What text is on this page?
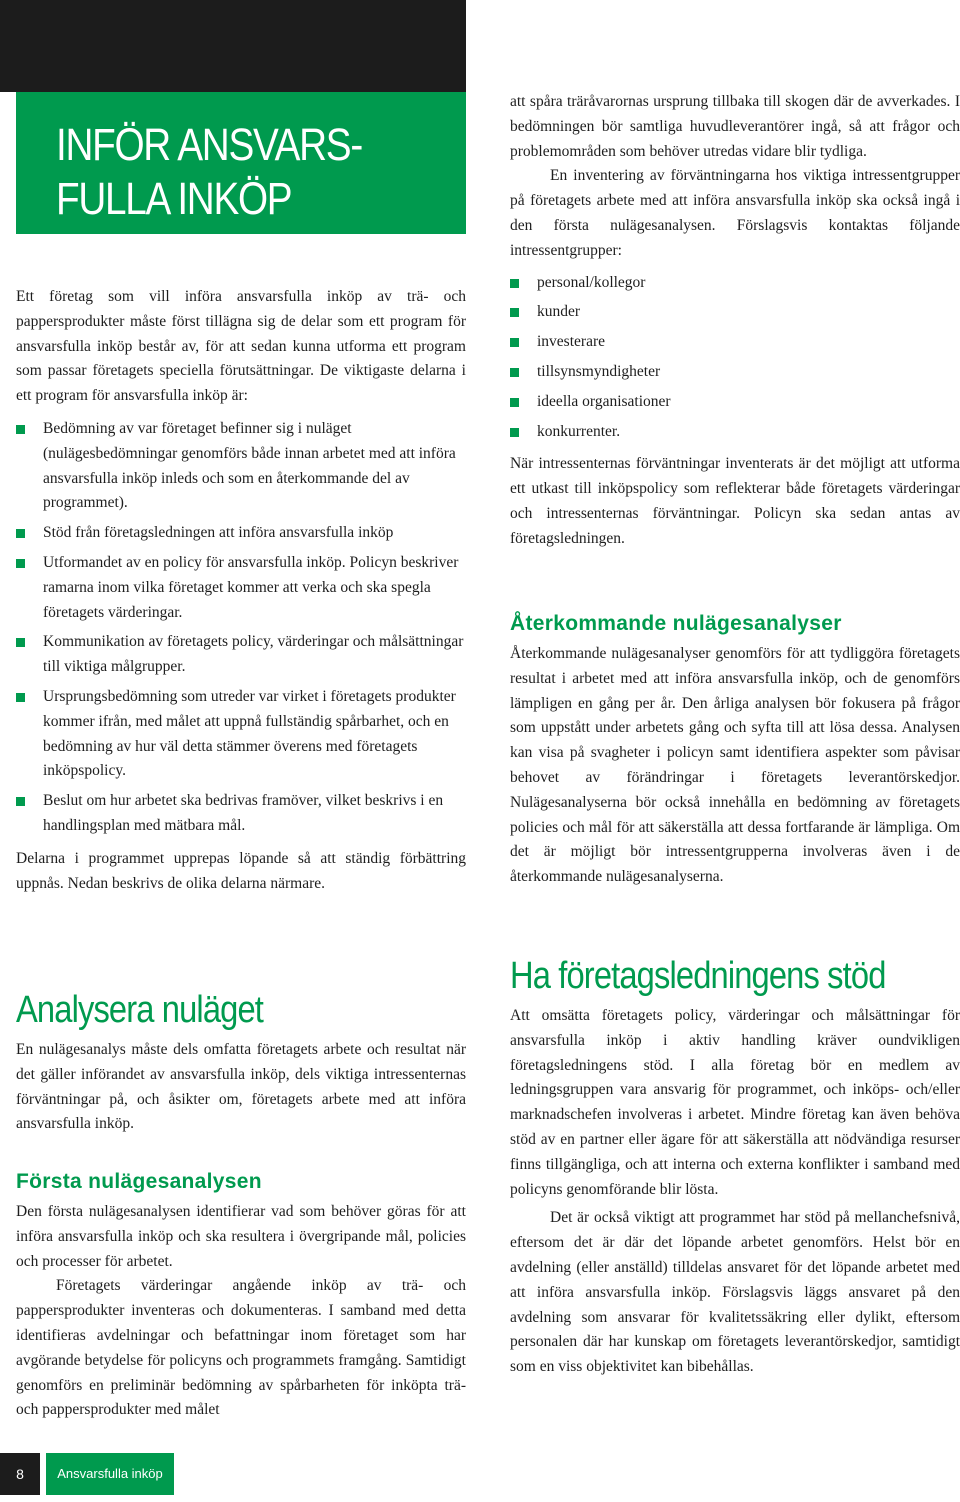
INFÖR ANSVARS-
FULLA INKÖP

Ett företag som vill införa ansvarsfulla inköp av trä- och pappersprodukter måste först tillägna sig de delar som ett program för ansvarsfulla inköp består av, för att sedan kunna utforma ett program som passar företagets speciella förutsättningar. De viktigaste delarna i ett program för ansvarsfulla inköp är:

Bedömning av var företaget befinner sig i nuläget (nulägesbedömningar genomförs både innan arbetet med att införa ansvarsfulla inköp inleds och som en återkommande del av programmet).
Stöd från företagsledningen att införa ansvarsfulla inköp
Utformandet av en policy för ansvarsfulla inköp. Policyn beskriver ramarna inom vilka företaget kommer att verka och ska spegla företagets värderingar.
Kommunikation av företagets policy, värderingar och målsättningar till viktiga målgrupper.
Ursprungsbedömning som utreder var virket i företagets produkter kommer ifrån, med målet att uppnå fullständig spårbarhet, och en bedömning av hur väl detta stämmer överens med företagets inköpspolicy.
Beslut om hur arbetet ska bedrivas framöver, vilket beskrivs i en handlingsplan med mätbara mål.

Delarna i programmet upprepas löpande så att ständig förbättring uppnås. Nedan beskrivs de olika delarna närmare.

Analysera nuläget

En nulägesanalys måste dels omfatta företagets arbete och resultat när det gäller införandet av ansvarsfulla inköp, dels viktiga intressenternas förväntningar på, och åsikter om, företagets arbete med att införa ansvarsfulla inköp.

Första nulägesanalysen

Den första nulägesanalysen identifierar vad som behöver göras för att införa ansvarsfulla inköp och ska resultera i övergripande mål, policies och processer för arbetet.

Företagets värderingar angående inköp av trä- och pappersprodukter inventeras och dokumenteras. I samband med detta identifieras avdelningar och befattningar inom företaget som har avgörande betydelse för policyns och programmets framgång. Samtidigt genomförs en preliminär bedömning av spårbarheten för inköpta trä- och pappersprodukter med målet

att spåra träråvarornas ursprung tillbaka till skogen där de avverkades. I bedömningen bör samtliga huvudleverantörer ingå, så att frågor och problemområden som behöver utredas vidare blir tydliga.

En inventering av förväntningarna hos viktiga intressentgrupper på företagets arbete med att införa ansvarsfulla inköp ska också ingå i den första nulägesanalysen. Förslagsvis kontaktas följande intressentgrupper:

personal/kollegor
kunder
investerare
tillsynsmyndigheter
ideella organisationer
konkurrenter.

När intressenternas förväntningar inventerats är det möjligt att utforma ett utkast till inköpspolicy som reflekterar både företagets värderingar och intressenternas förväntningar. Policyn ska sedan antas av företagsledningen.

Återkommande nulägesanalyser

Återkommande nulägesanalyser genomförs för att tydliggöra företagets resultat i arbetet med att införa ansvarsfulla inköp, och de genomförs lämpligen en gång per år. Den årliga analysen bör fokusera på frågor som uppstått under arbetets gång och syfta till att lösa dessa. Analysen kan visa på svagheter i policyn samt identifiera aspekter som påvisar behovet av förändringar i företagets leverantörskedjor. Nulägesanalyserna bör också innehålla en bedömning av företagets policies och mål för att säkerställa att dessa fortfarande är lämpliga. Om det är möjligt bör intressentgrupperna involveras även i de återkommande nulägesanalyserna.

Ha företagsledningens stöd

Att omsätta företagets policy, värderingar och målsättningar för ansvarsfulla inköp i aktiv handling kräver oundvikligen företagsledningens stöd. I alla företag bör en medlem av ledningsgruppen vara ansvarig för programmet, och inköps- och/eller marknadschefen involveras i arbetet. Mindre företag kan även behöva stöd av en partner eller ägare för att säkerställa att nödvändiga resurser finns tillgängliga, och att interna och externa konflikter i samband med policyns genomförande blir lösta.

Det är också viktigt att programmet har stöd på mellanchefsnivå, eftersom det är där det löpande arbetet genomförs. Helst bör en avdelning (eller anställd) tilldelas ansvaret för det löpande arbetet med att införa ansvarsfulla inköp. Förslagsvis läggs ansvaret på den avdelning som ansvarar för kvalitetssäkring eller dylikt, eftersom personalen där har kunskap om företagets leverantörskedjor, samtidigt som en viss objektivitet kan bibehållas.

8	Ansvarsfulla inköp
